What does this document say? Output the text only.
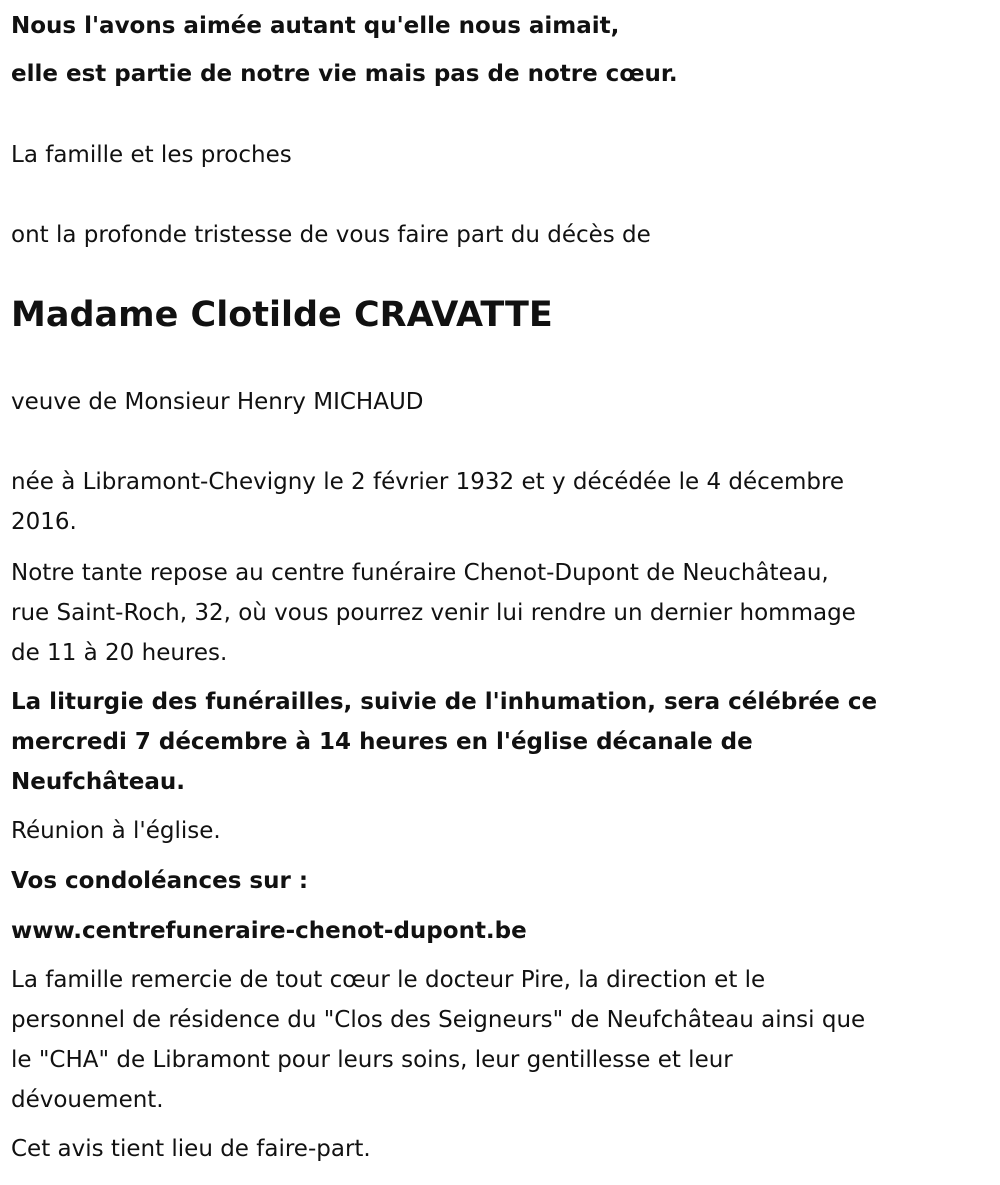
Nous l'avons aimée autant qu'elle nous aimait,

elle est partie de notre vie mais pas de notre cœur.

La famille et les proches

ont la profonde tristesse de vous faire part du décès de

Madame Clotilde CRAVATTE

veuve de Monsieur Henry MICHAUD

née à Libramont-Chevigny le 2 février 1932 et y décédée le 4 décembre
2016.

Notre tante repose au centre funéraire Chenot-Dupont de Neuchâteau,
rue Saint-Roch, 32, où vous pourrez venir lui rendre un dernier hommage
de 11 à 20 heures.

La liturgie des funérailles, suivie de l'inhumation, sera célébrée ce
mercredi 7 décembre à 14 heures en l'église décanale de
Neufchâteau.

Réunion à l'église.

Vos condoléances sur :

www.centrefuneraire-chenot-dupont.be

La famille remercie de tout cœur le docteur Pire, la direction et le
personnel de résidence du "Clos des Seigneurs" de Neufchâteau ainsi que
le "CHA" de Libramont pour leurs soins, leur gentillesse et leur
dévouement.

Cet avis tient lieu de faire-part.
